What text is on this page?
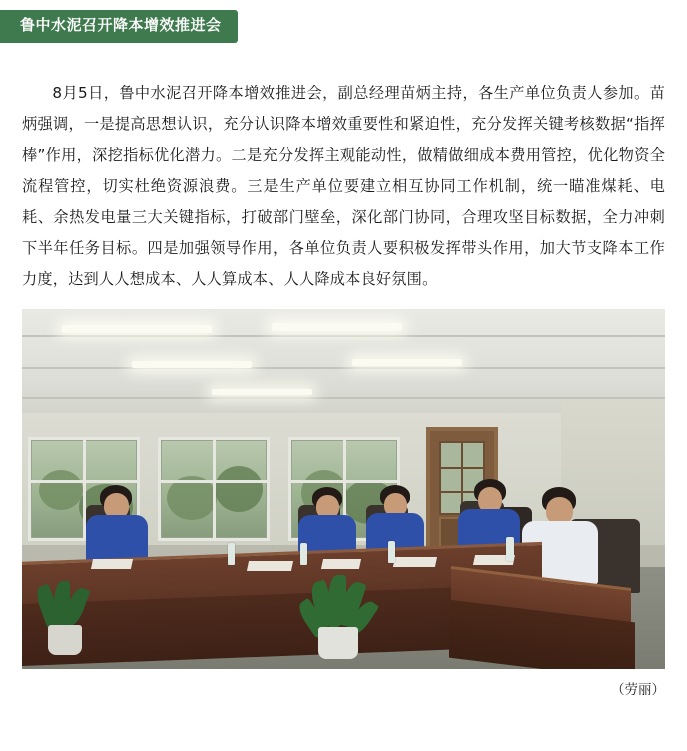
鲁中水泥召开降本增效推进会

8月5日，鲁中水泥召开降本增效推进会，副总经理苗炳主持，各生产单位负责人参加。苗炳强调，一是提高思想认识，充分认识降本增效重要性和紧迫性，充分发挥关键考核数据“指挥棒”作用，深挖指标优化潜力。二是充分发挥主观能动性，做精做细成本费用管控，优化物资全流程管控，切实杜绝资源浪费。三是生产单位要建立相互协同工作机制，统一瞄准煤耗、电耗、余热发电量三大关键指标，打破部门壁垒，深化部门协同，合理攻坚目标数据，全力冲刺下半年任务目标。四是加强领导作用，各单位负责人要积极发挥带头作用，加大节支降本工作力度，达到人人想成本、人人算成本、人人降成本良好氛围。

（劳丽）
